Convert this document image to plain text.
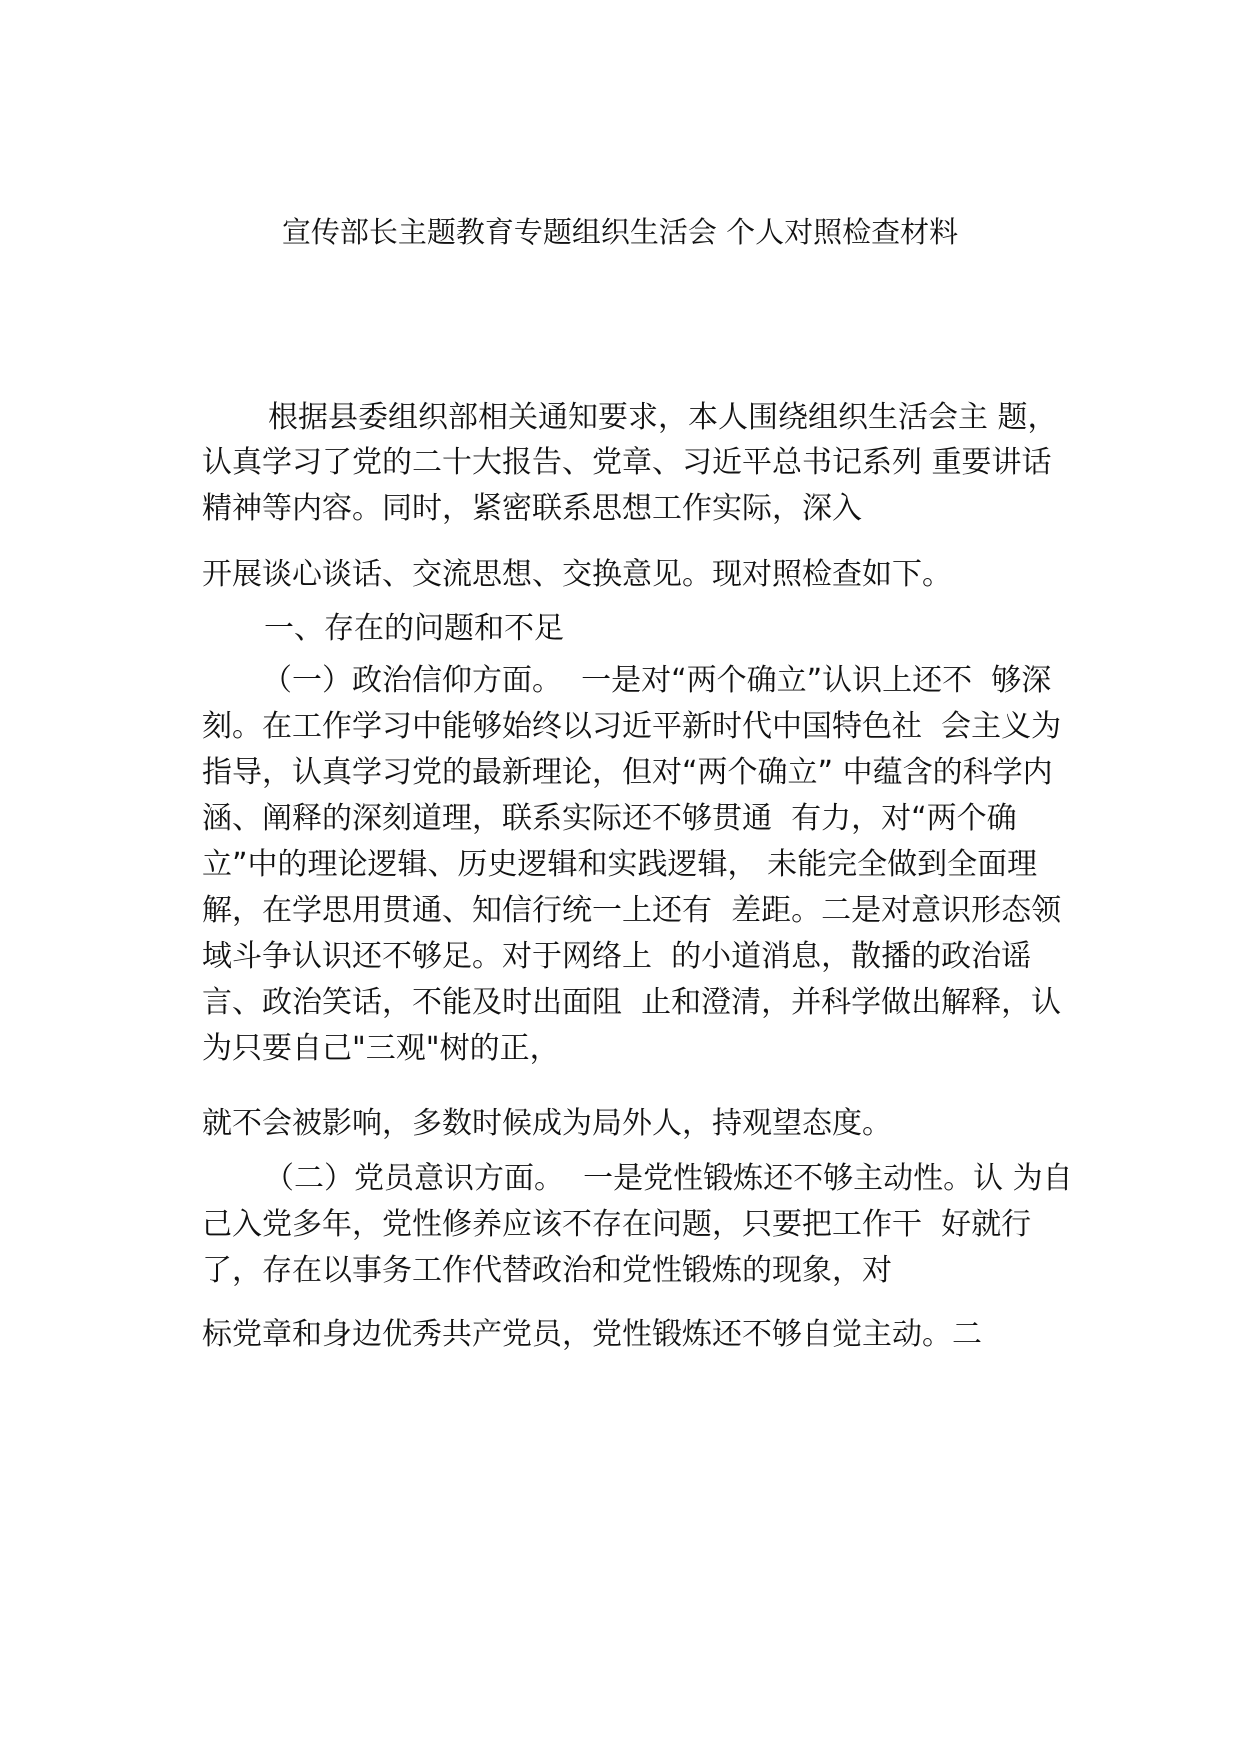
宣传部长主题教育专题组织生活会 个人对照检查材料
根据县委组织部相关通知要求，本人围绕组织生活会主 题，
认真学习了党的二十大报告、党章、习近平总书记系列 重要讲话
精神等内容。同时，紧密联系思想工作实际，深入
开展谈心谈话、交流思想、交换意见。现对照检查如下。
一、存在的问题和不足
（一）政治信仰方面。  一是对“两个确立”认识上还不  够深
刻。在工作学习中能够始终以习近平新时代中国特色社  会主义为
指导，认真学习党的最新理论，但对“两个确立” 中蕴含的科学内
涵、阐释的深刻道理，联系实际还不够贯通  有力，对“两个确
立”中的理论逻辑、历史逻辑和实践逻辑， 未能完全做到全面理
解，在学思用贯通、知信行统一上还有  差距。二是对意识形态领
域斗争认识还不够足。对于网络上  的小道消息，散播的政治谣
言、政治笑话，不能及时出面阻  止和澄清，并科学做出解释，认
为只要自己"三观"树的正，
就不会被影响，多数时候成为局外人，持观望态度。
（二）党员意识方面。  一是党性锻炼还不够主动性。认 为自
己入党多年，党性修养应该不存在问题，只要把工作干  好就行
了，存在以事务工作代替政治和党性锻炼的现象，对
标党章和身边优秀共产党员，党性锻炼还不够自觉主动。二
